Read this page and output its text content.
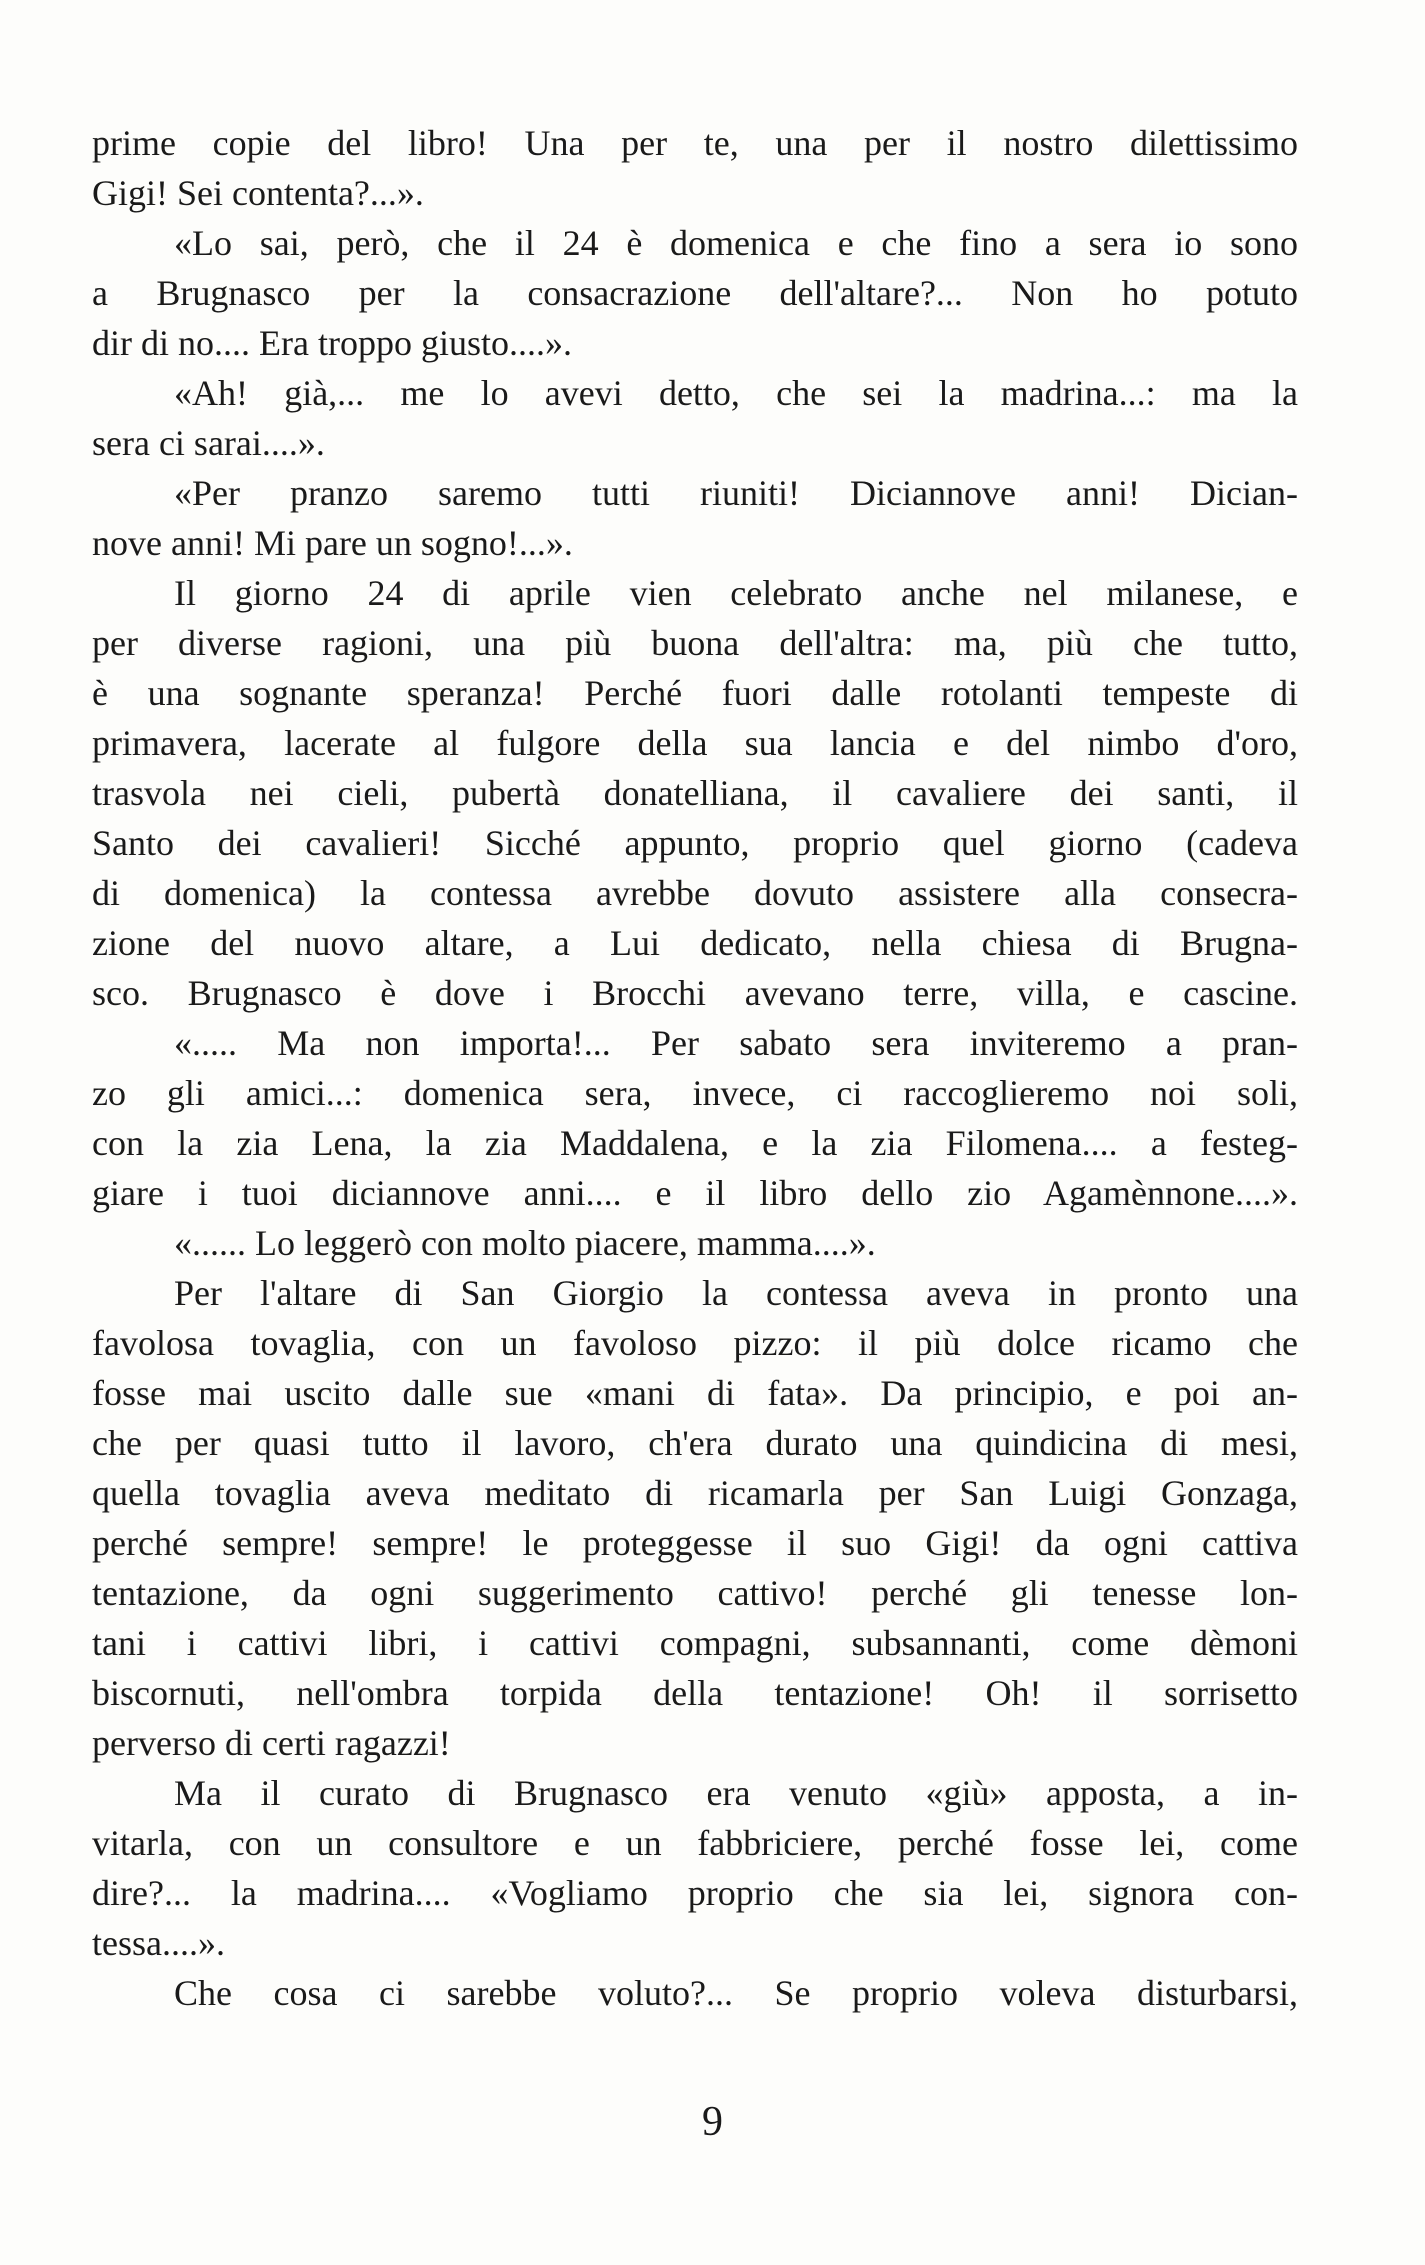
prime copie del libro! Una per te, una per il nostro dilettissimo
Gigi! Sei contenta?...».
«Lo sai, però, che il 24 è domenica e che fino a sera io sono
a Brugnasco per la consacrazione dell'altare?... Non ho potuto
dir di no.... Era troppo giusto....».
«Ah! già,... me lo avevi detto, che sei la madrina...: ma la
sera ci sarai....».
«Per pranzo saremo tutti riuniti! Diciannove anni! Dician-
nove anni! Mi pare un sogno!...».
Il giorno 24 di aprile vien celebrato anche nel milanese, e
per diverse ragioni, una più buona dell'altra: ma, più che tutto,
è una sognante speranza! Perché fuori dalle rotolanti tempeste di
primavera, lacerate al fulgore della sua lancia e del nimbo d'oro,
trasvola nei cieli, pubertà donatelliana, il cavaliere dei santi, il
Santo dei cavalieri! Sicché appunto, proprio quel giorno (cadeva
di domenica) la contessa avrebbe dovuto assistere alla consecra-
zione del nuovo altare, a Lui dedicato, nella chiesa di Brugna-
sco. Brugnasco è dove i Brocchi avevano terre, villa, e cascine.
«..... Ma non importa!... Per sabato sera inviteremo a pran-
zo gli amici...: domenica sera, invece, ci raccoglieremo noi soli,
con la zia Lena, la zia Maddalena, e la zia Filomena.... a festeg-
giare i tuoi diciannove anni.... e il libro dello zio Agamènnone....».
«...... Lo leggerò con molto piacere, mamma....».
Per l'altare di San Giorgio la contessa aveva in pronto una
favolosa tovaglia, con un favoloso pizzo: il più dolce ricamo che
fosse mai uscito dalle sue «mani di fata». Da principio, e poi an-
che per quasi tutto il lavoro, ch'era durato una quindicina di mesi,
quella tovaglia aveva meditato di ricamarla per San Luigi Gonzaga,
perché sempre! sempre! le proteggesse il suo Gigi! da ogni cattiva
tentazione, da ogni suggerimento cattivo! perché gli tenesse lon-
tani i cattivi libri, i cattivi compagni, subsannanti, come dèmoni
biscornuti, nell'ombra torpida della tentazione! Oh! il sorrisetto
perverso di certi ragazzi!
Ma il curato di Brugnasco era venuto «giù» apposta, a in-
vitarla, con un consultore e un fabbriciere, perché fosse lei, come
dire?... la madrina.... «Vogliamo proprio che sia lei, signora con-
tessa....».
Che cosa ci sarebbe voluto?... Se proprio voleva disturbarsi,
9
